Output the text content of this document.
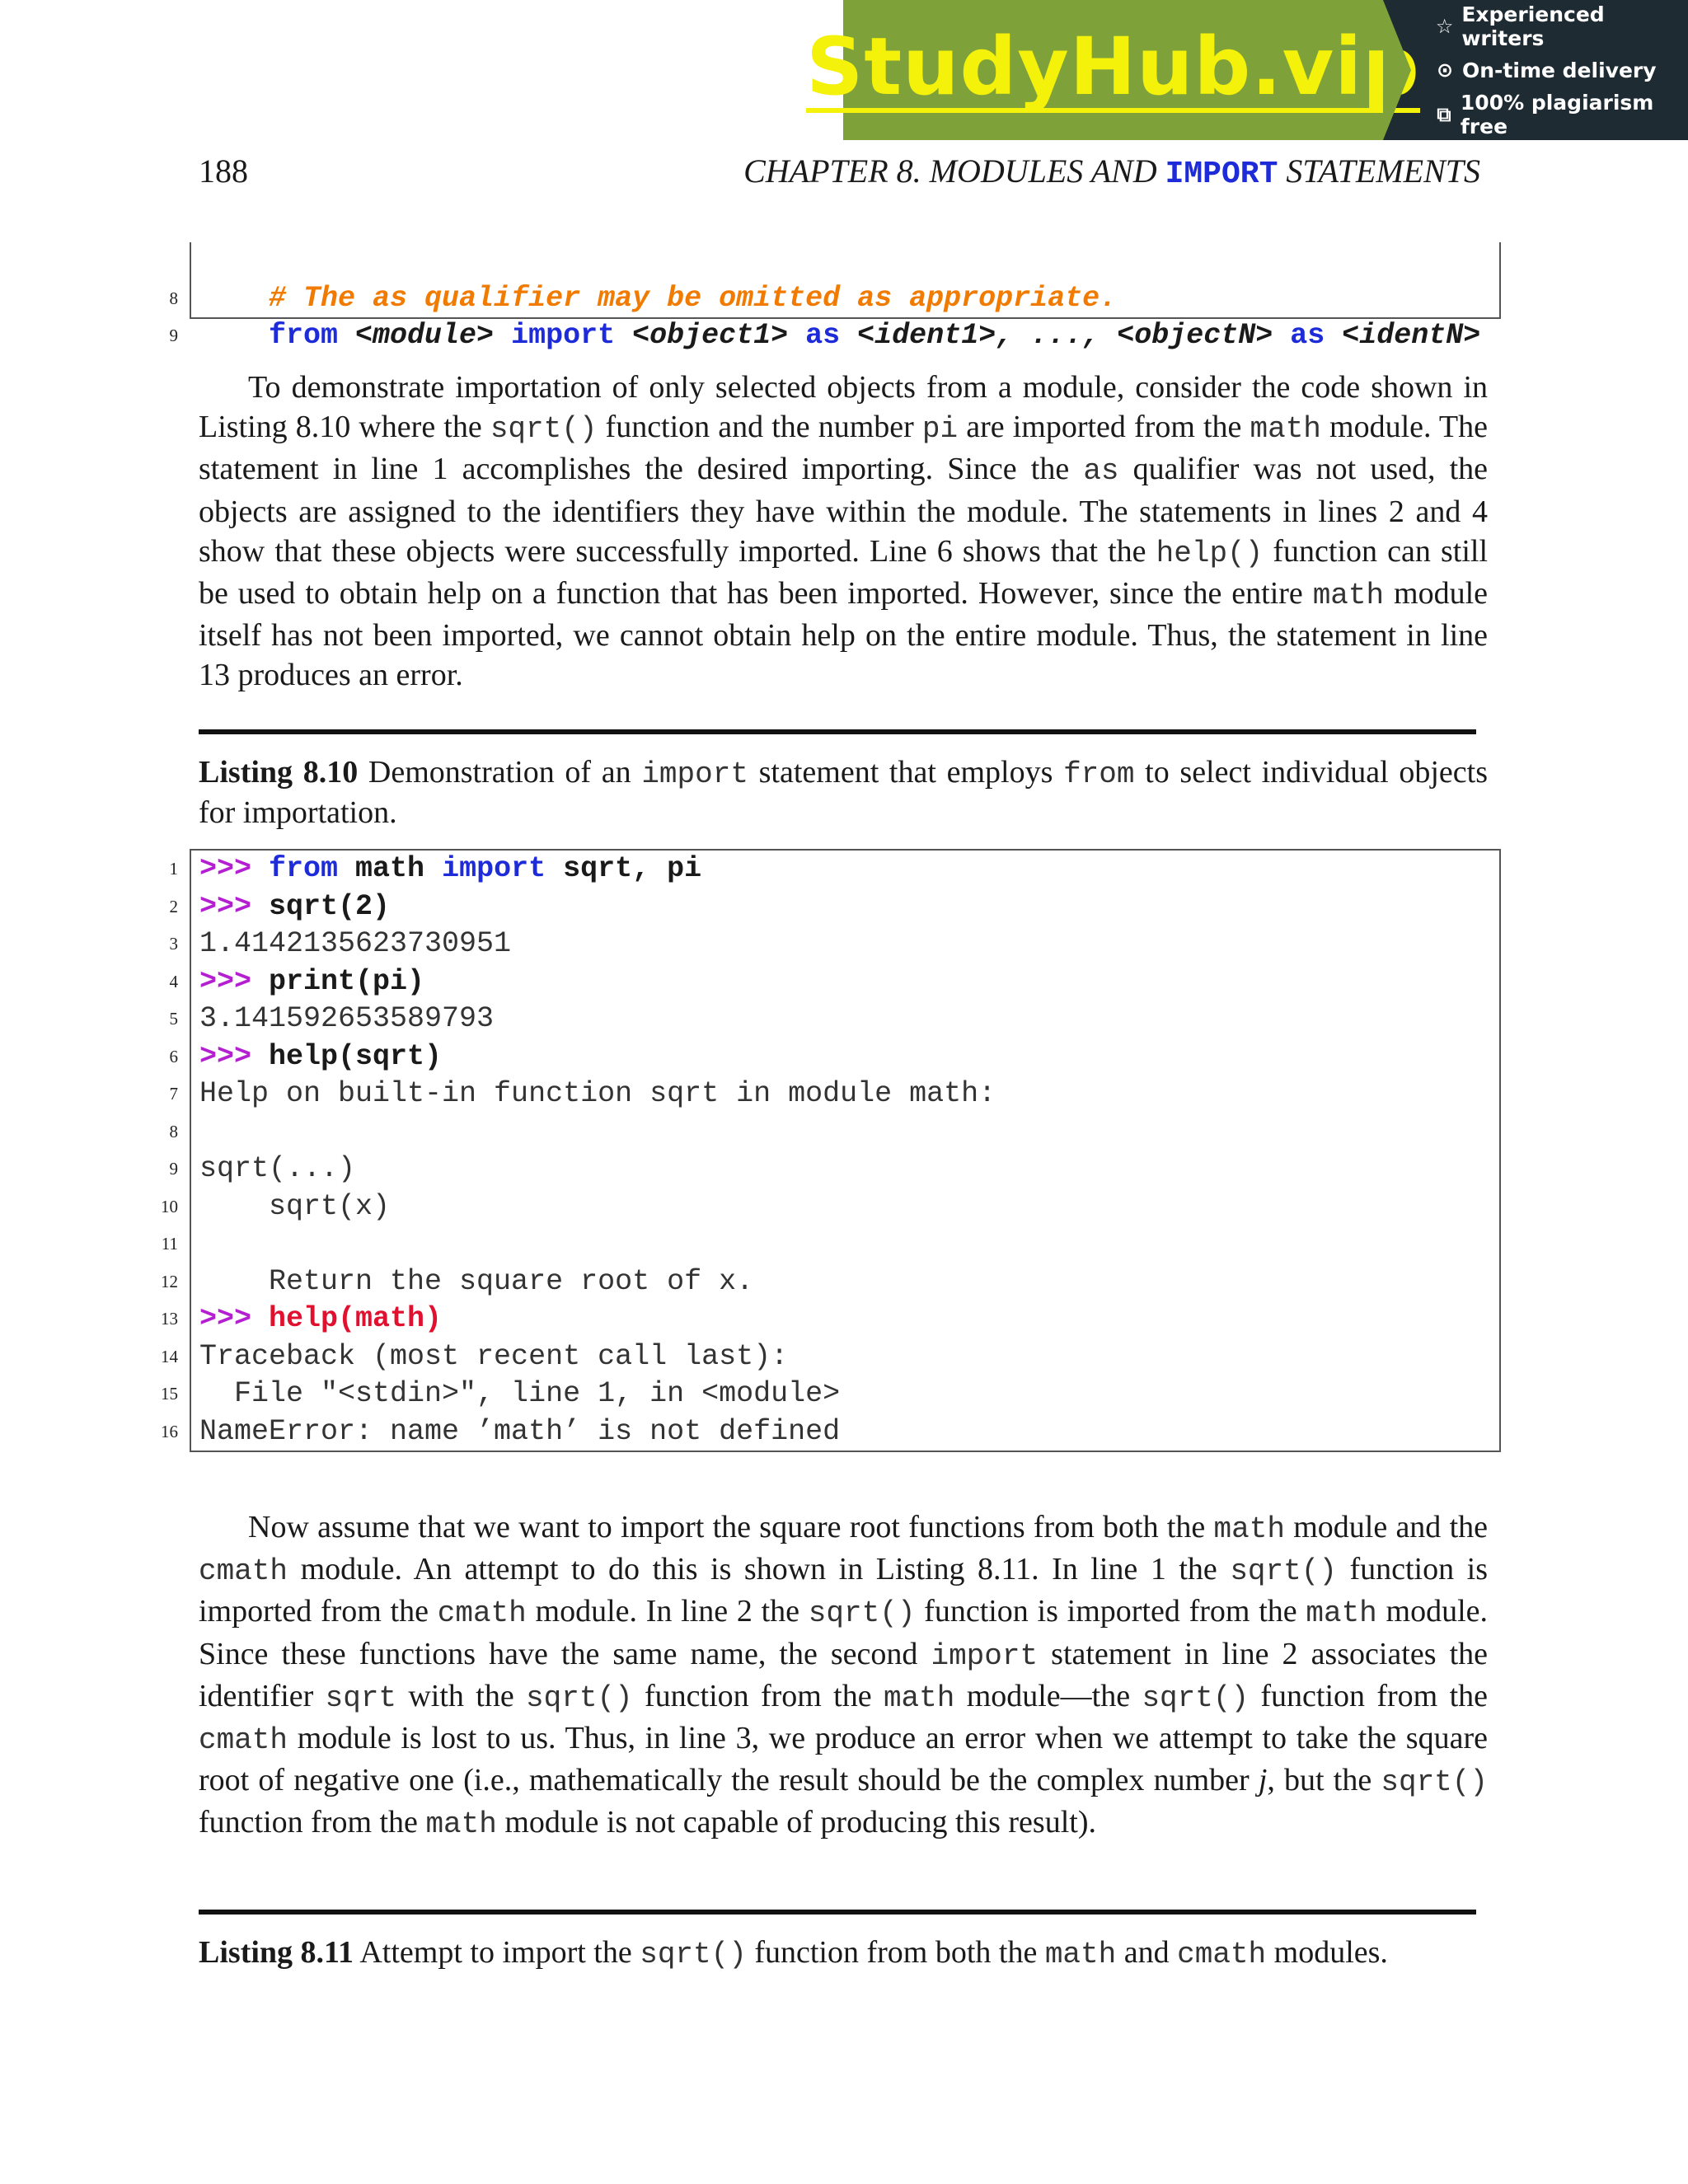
StudyHub.vip ☆ Experienced writers
⊙ On-time delivery
⧉ 100% plagiarism free
188	CHAPTER 8. MODULES AND IMPORT STATEMENTS

8	# The as qualifier may be omitted as appropriate.

9	from <module> import <object1> as <ident1>, ..., <objectN> as <identN>

To demonstrate importation of only selected objects from a module, consider the code shown in Listing 8.10 where the sqrt() function and the number pi are imported from the math module. The statement in line 1 accomplishes the desired importing. Since the as qualifier was not used, the objects are assigned to the identifiers they have within the module. The statements in lines 2 and 4 show that these objects were successfully imported. Line 6 shows that the help() function can still be used to obtain help on a function that has been imported. However, since the entire math module itself has not been imported, we cannot obtain help on the entire module. Thus, the statement in line 13 produces an error.

Listing 8.10 Demonstration of an import statement that employs from to select individual objects for importation.
1 >>> from math import sqrt, pi
2 >>> sqrt(2)
3 1.4142135623730951
4 >>> print(pi)
5 3.141592653589793
6 >>> help(sqrt)
7 Help on built-in function sqrt in module math:
8
9 sqrt(...)
10 sqrt(x)
11
12 Return the square root of x.
13 >>> help(math)
14 Traceback (most recent call last):
15 File "<stdin>", line 1, in <module>
16 NameError: name ’math’ is not defined

Now assume that we want to import the square root functions from both the math module and the cmath module. An attempt to do this is shown in Listing 8.11. In line 1 the sqrt() function is imported from the cmath module. In line 2 the sqrt() function is imported from the math module. Since these functions have the same name, the second import statement in line 2 associates the identifier sqrt with the sqrt() function from the math module—the sqrt() function from the cmath module is lost to us. Thus, in line 3, we produce an error when we attempt to take the square root of negative one (i.e., mathematically the result should be the complex number j, but the sqrt() function from the math module is not capable of producing this result).

Listing 8.11 Attempt to import the sqrt() function from both the math and cmath modules.
